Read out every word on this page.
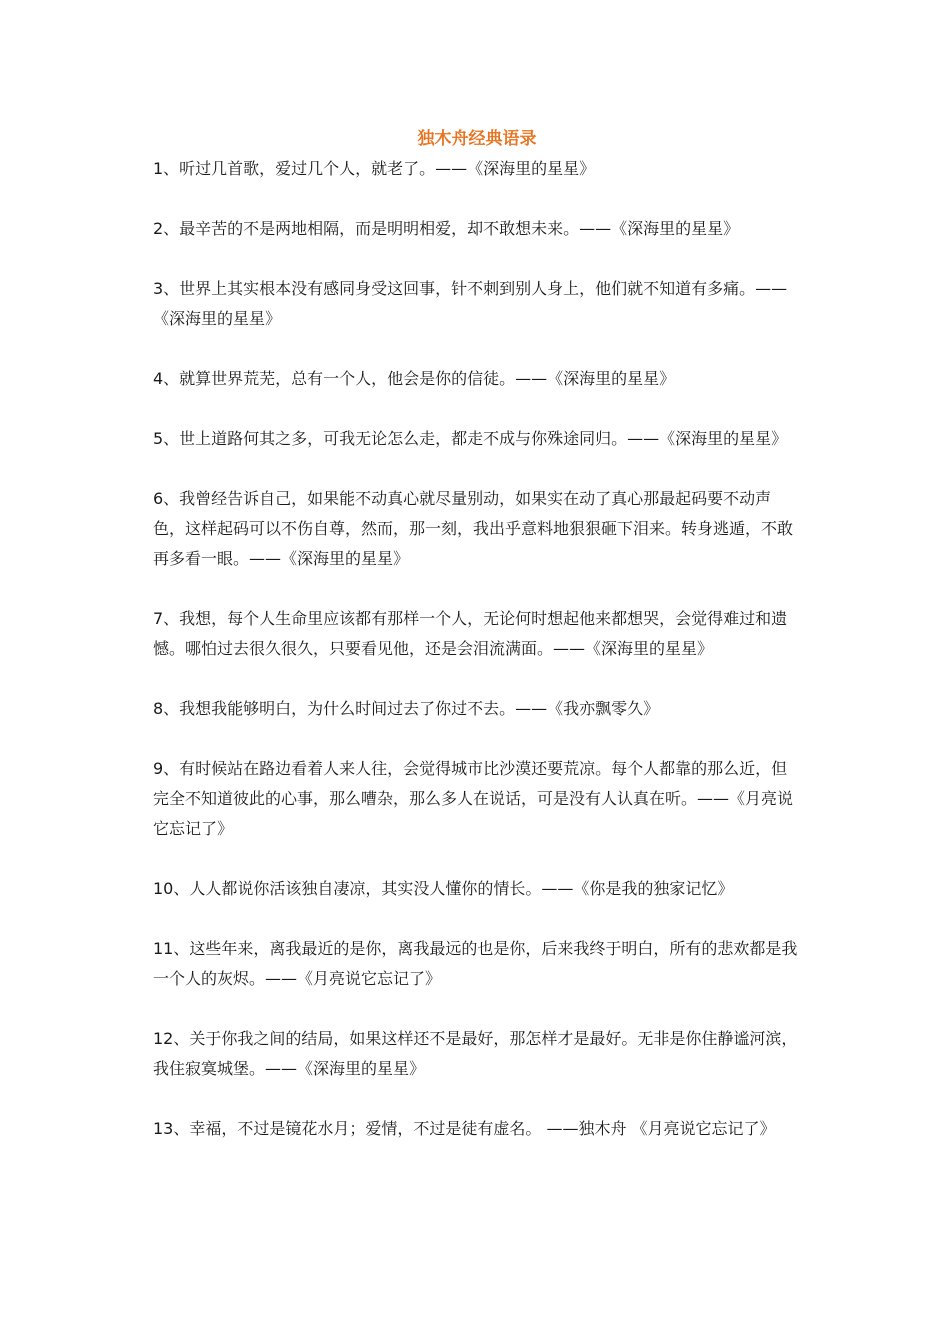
独木舟经典语录

1、听过几首歌，爱过几个人，就老了。——《深海里的星星》

2、最辛苦的不是两地相隔，而是明明相爱，却不敢想未来。——《深海里的星星》

3、世界上其实根本没有感同身受这回事，针不刺到别人身上，他们就不知道有多痛。——《深海里的星星》

4、就算世界荒芜，总有一个人，他会是你的信徒。——《深海里的星星》

5、世上道路何其之多，可我无论怎么走，都走不成与你殊途同归。——《深海里的星星》

6、我曾经告诉自己，如果能不动真心就尽量别动，如果实在动了真心那最起码要不动声色，这样起码可以不伤自尊，然而，那一刻，我出乎意料地狠狠砸下泪来。转身逃遁，不敢再多看一眼。——《深海里的星星》

7、我想，每个人生命里应该都有那样一个人，无论何时想起他来都想哭，会觉得难过和遗憾。哪怕过去很久很久，只要看见他，还是会泪流满面。——《深海里的星星》

8、我想我能够明白，为什么时间过去了你过不去。——《我亦飘零久》

9、有时候站在路边看着人来人往，会觉得城市比沙漠还要荒凉。每个人都靠的那么近，但完全不知道彼此的心事，那么嘈杂，那么多人在说话，可是没有人认真在听。——《月亮说它忘记了》

10、人人都说你活该独自凄凉，其实没人懂你的情长。——《你是我的独家记忆》

11、这些年来，离我最近的是你，离我最远的也是你，后来我终于明白，所有的悲欢都是我一个人的灰烬。——《月亮说它忘记了》

12、关于你我之间的结局，如果这样还不是最好，那怎样才是最好。无非是你住静谧河滨，我住寂寞城堡。——《深海里的星星》

13、幸福，不过是镜花水月；爱情，不过是徒有虚名。 ——独木舟 《月亮说它忘记了》
